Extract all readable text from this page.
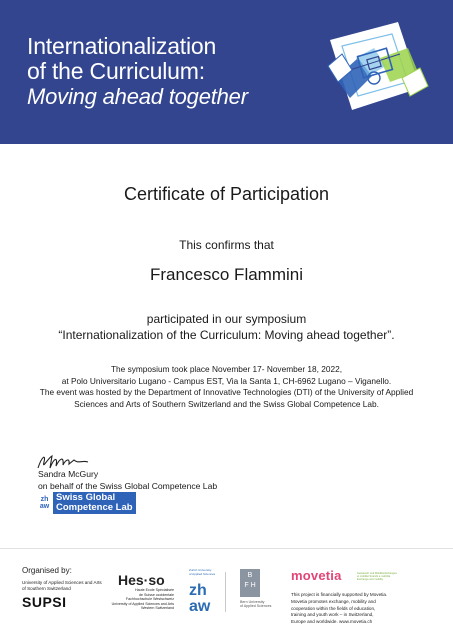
Internationalization
of the Curriculum:
Moving ahead together
Certificate of Participation
This confirms that
Francesco Flammini
participated in our symposium
“Internationalization of the Curriculum: Moving ahead together”.
The symposium took place November 17- November 18, 2022,
at Polo Universitario Lugano - Campus EST, Via la Santa 1, CH-6962 Lugano – Viganello.
The event was hosted by the Department of Innovative Technologies (DTI) of the University of Applied
Sciences and Arts of Southern Switzerland and the Swiss Global Competence Lab.
Sandra McGury
on behalf of the Swiss Global Competence Lab
zh
aw
Swiss Global
Competence Lab
Organised by:
University of Applied Sciences and Arts
of Southern Switzerland
SUPSI
Hes·so
Haute Ecole Spécialisée
de Suisse occidentale
Fachhochschule Westschweiz
University of Applied Sciences and Arts
Western Switzerland
Zurich University
of Applied Sciences
zh
aw
B
F H
Bern University
of Applied Sciences
movetia	Austausch und Mobilität Echanges et mobilité Scambi e mobilità Exchange and mobility
This project is financially supported by Movetia.
Movetia promotes exchange, mobility and
cooperation within the fields of education,
training and youth work – in Switzerland,
Europe and worldwide. www.movetia.ch
